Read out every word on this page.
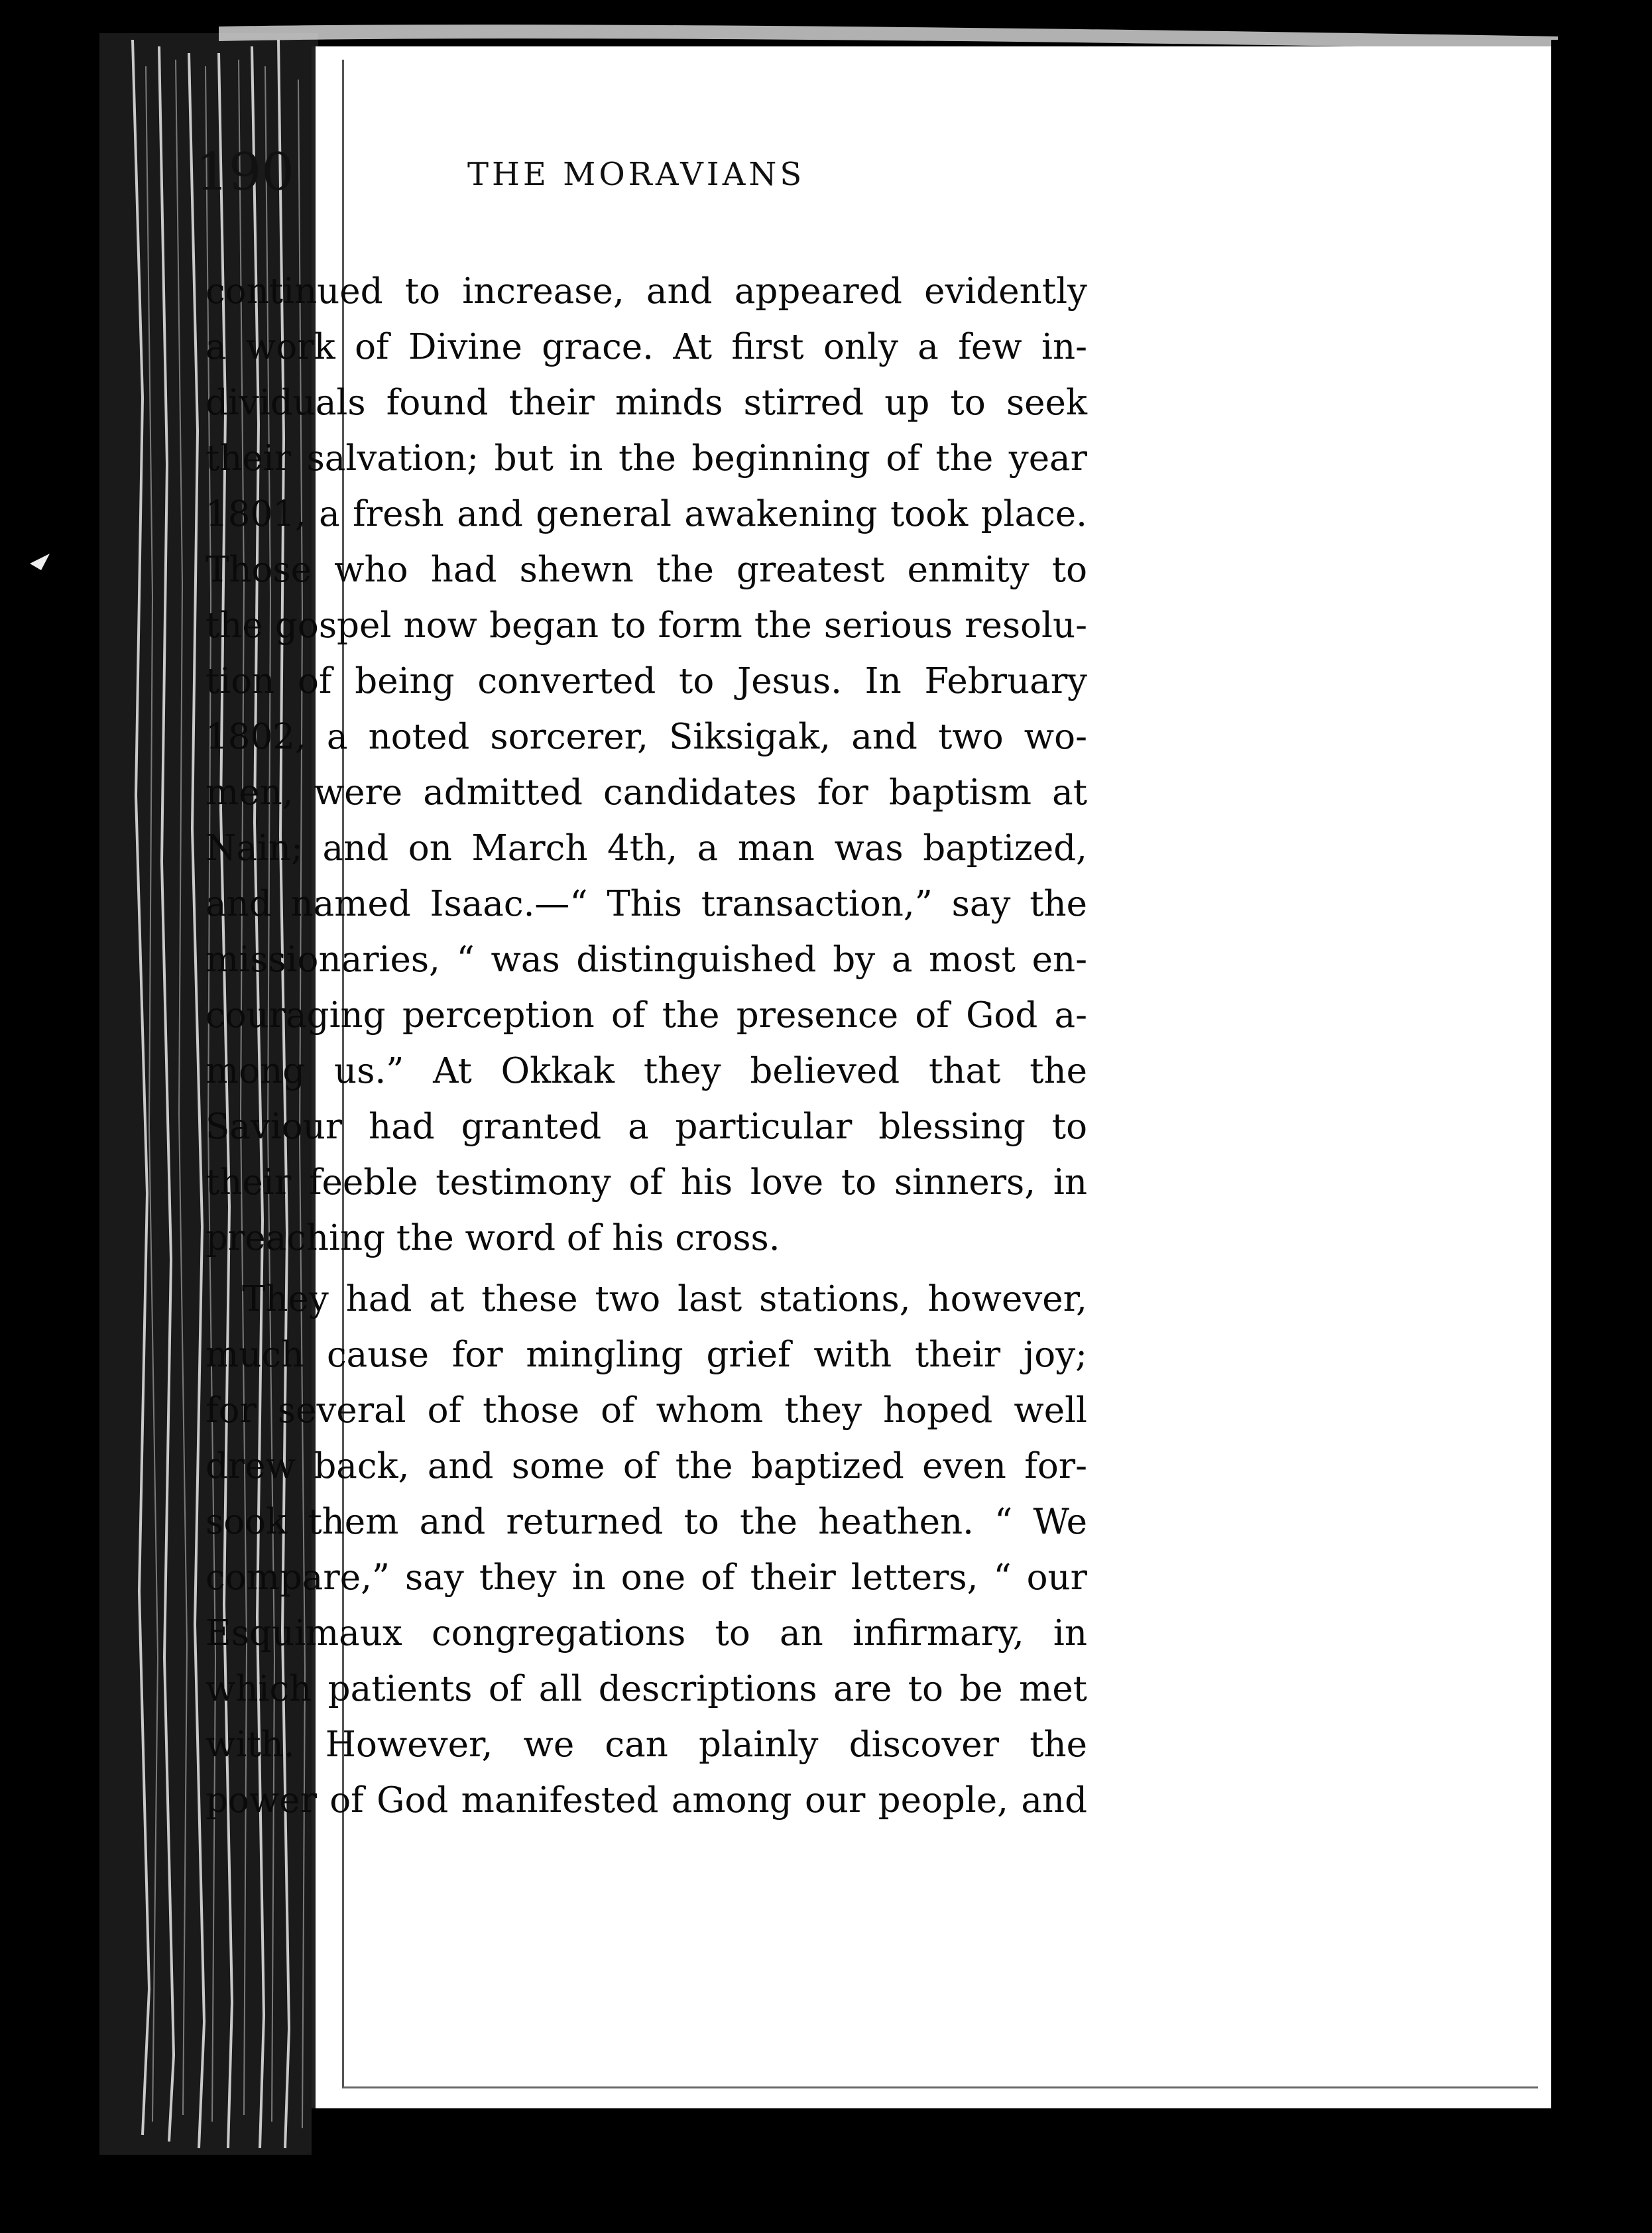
190	THE MORAVIANS
continued to increase, and appeared evidently
a work of Divine grace. At first only a few in-
dividuals found their minds stirred up to seek
their salvation; but in the beginning of the year
1801, a fresh and general awakening took place.
Those who had shewn the greatest enmity to
the gospel now began to form the serious resolu-
tion of being converted to Jesus. In February
1802, a noted sorcerer, Siksigak, and two wo-
men, were admitted candidates for baptism at
Nain; and on March 4th, a man was baptized,
and named Isaac.—“ This transaction,” say the
missionaries, “ was distinguished by a most en-
couraging perception of the presence of God a-
mong us.” At Okkak they believed that the
Saviour had granted a particular blessing to
their feeble testimony of his love to sinners, in
preaching the word of his cross.
They had at these two last stations, however,
much cause for mingling grief with their joy;
for several of those of whom they hoped well
drew back, and some of the baptized even for-
sook them and returned to the heathen. “ We
compare,” say they in one of their letters, “ our
Esquimaux congregations to an infirmary, in
which patients of all descriptions are to be met
with. However, we can plainly discover the
power of God manifested among our people, and
